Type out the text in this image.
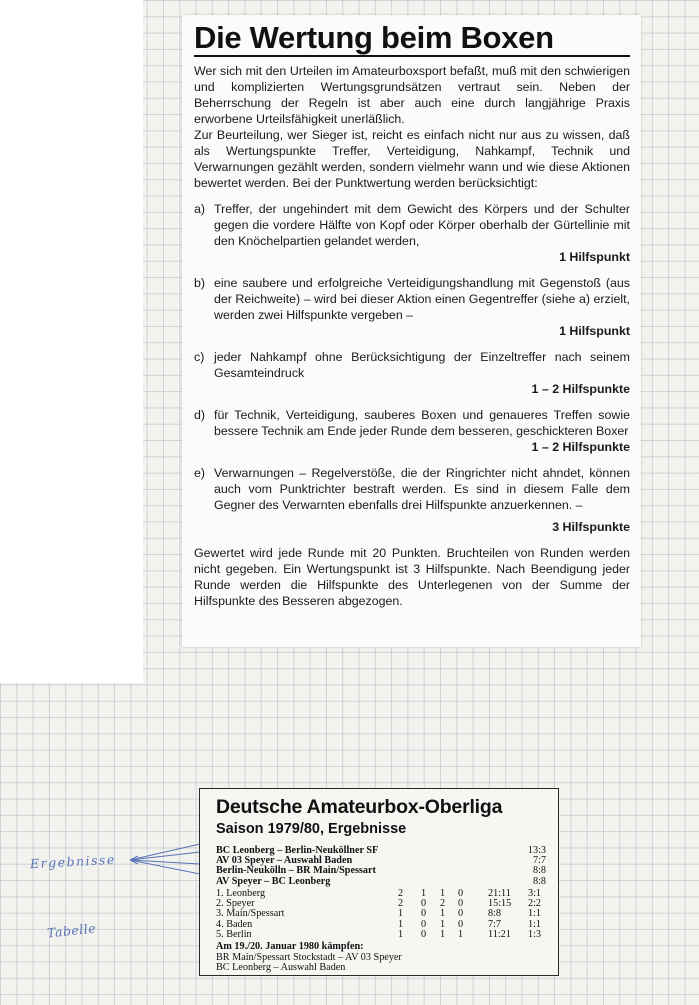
Die Wertung beim Boxen

Wer sich mit den Urteilen im Amateurboxsport befaßt, muß mit den schwierigen und komplizierten Wertungsgrundsätzen vertraut sein. Neben der Beherrschung der Regeln ist aber auch eine durch langjährige Praxis erworbene Urteilsfähigkeit unerläßlich.

Zur Beurteilung, wer Sieger ist, reicht es einfach nicht nur aus zu wissen, daß als Wertungspunkte Treffer, Verteidigung, Nahkampf, Technik und Verwarnungen gezählt werden, sondern vielmehr wann und wie diese Aktionen bewertet werden. Bei der Punktwertung werden berücksichtigt:

a) Treffer, der ungehindert mit dem Gewicht des Körpers und der Schulter gegen die vordere Hälfte von Kopf oder Körper oberhalb der Gürtellinie mit den Knöchelpartien gelandet werden,
1 Hilfspunkt
b) eine saubere und erfolgreiche Verteidigungshandlung mit Gegenstoß (aus der Reichweite) – wird bei dieser Aktion einen Gegentreffer (siehe a) erzielt, werden zwei Hilfspunkte vergeben –
1 Hilfspunkt
c) jeder Nahkampf ohne Berücksichtigung der Einzeltreffer nach seinem Gesamteindruck
1 – 2 Hilfspunkte
d) für Technik, Verteidigung, sauberes Boxen und genaueres Treffen sowie bessere Technik am Ende jeder Runde dem besseren, geschickteren Boxer
1 – 2 Hilfspunkte
e) Verwarnungen – Regelverstöße, die der Ringrichter nicht ahndet, können auch vom Punktrichter bestraft werden. Es sind in diesem Falle dem Gegner des Verwarnten ebenfalls drei Hilfspunkte anzuerkennen. –
3 Hilfspunkte

Gewertet wird jede Runde mit 20 Punkten. Bruchteilen von Runden werden nicht gegeben. Ein Wertungspunkt ist 3 Hilfspunkte. Nach Beendigung jeder Runde werden die Hilfspunkte des Unterlegenen von der Summe der Hilfspunkte des Besseren abgezogen.

Ergebnisse
Tabelle
Deutsche Amateurbox-Oberliga
Saison 1979/80, Ergebnisse
BC Leonberg – Berlin-Neuköllner SF	13:3
AV 03 Speyer – Auswahl Baden	7:7
Berlin-Neukölln – BR Main/Spessart	8:8
AV Speyer – BC Leonberg	8:8
1. Leonberg	2 1 1 0 21:11 3:1
2. Speyer	2 0 2 0 15:15 2:2
3. Main/Spessart	1 0 1 0 8:8	1:1
4. Baden	1 0 1 0 7:7	1:1
5. Berlin	1 0 1 1 11:21 1:3
Am 19./20. Januar 1980 kämpfen:
BR Main/Spessart Stockstadt – AV 03 Speyer
BC Leonberg – Auswahl Baden
